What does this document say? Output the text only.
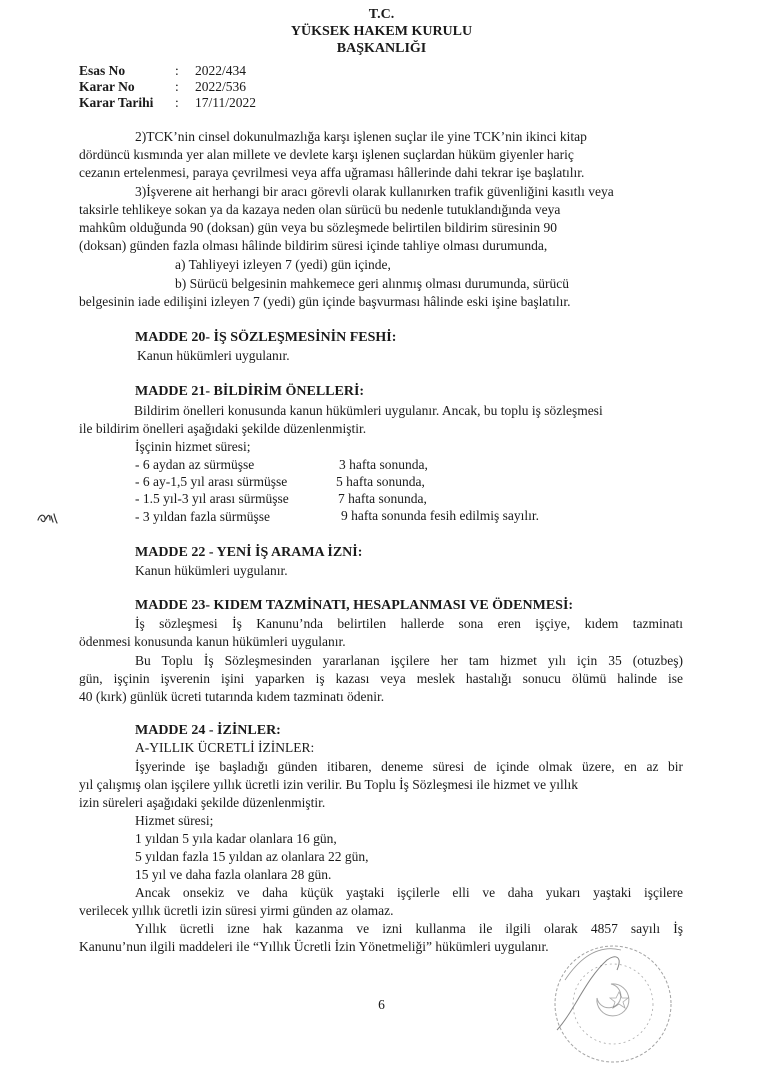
T.C.
YÜKSEK HAKEM KURULU
BAŞKANLIĞI
Esas No	:	2022/434
Karar No	:	2022/536
Karar Tarihi	:	17/11/2022
2)TCK’nin cinsel dokunulmazlığa karşı işlenen suçlar ile yine TCK’nin ikinci kitap
dördüncü kısmında yer alan millete ve devlete karşı işlenen suçlardan hüküm giyenler hariç
cezanın ertelenmesi, paraya çevrilmesi veya affa uğraması hâllerinde dahi tekrar işe başlatılır.
3)İşverene ait herhangi bir aracı görevli olarak kullanırken trafik güvenliğini kasıtlı veya
taksirle tehlikeye sokan ya da kazaya neden olan sürücü bu nedenle tutuklandığında veya
mahkûm olduğunda 90 (doksan) gün veya bu sözleşmede belirtilen bildirim süresinin 90
(doksan) günden fazla olması hâlinde bildirim süresi içinde tahliye olması durumunda,
a) Tahliyeyi izleyen 7 (yedi) gün içinde,
b) Sürücü belgesinin mahkemece geri alınmış olması durumunda, sürücü
belgesinin iade edilişini izleyen 7 (yedi) gün içinde başvurması hâlinde eski işine başlatılır.
MADDE 20- İŞ SÖZLEŞMESİNİN FESHİ:
Kanun hükümleri uygulanır.
MADDE 21- BİLDİRİM ÖNELLERİ:
Bildirim önelleri konusunda kanun hükümleri uygulanır. Ancak, bu toplu iş sözleşmesi
ile bildirim önelleri aşağıdaki şekilde düzenlenmiştir.
İşçinin hizmet süresi;
- 6 aydan az sürmüşse	3 hafta sonunda,
- 6 ay-1,5 yıl arası sürmüşse	5 hafta sonunda,
- 1.5 yıl-3 yıl arası sürmüşse	7 hafta sonunda,
- 3 yıldan fazla sürmüşse	9 hafta sonunda fesih edilmiş sayılır.
MADDE 22 - YENİ İŞ ARAMA İZNİ:
Kanun hükümleri uygulanır.
MADDE 23- KIDEM TAZMİNATI, HESAPLANMASI VE ÖDENMESİ:
İş sözleşmesi İş Kanunu’nda belirtilen hallerde sona eren işçiye, kıdem tazminatı
ödenmesi konusunda kanun hükümleri uygulanır.
Bu Toplu İş Sözleşmesinden yararlanan işçilere her tam hizmet yılı için 35 (otuzbeş)
gün, işçinin işverenin işini yaparken iş kazası veya meslek hastalığı sonucu ölümü halinde ise
40 (kırk) günlük ücreti tutarında kıdem tazminatı ödenir.
MADDE 24 - İZİNLER:
A-YILLIK ÜCRETLİ İZİNLER:
İşyerinde işe başladığı günden itibaren, deneme süresi de içinde olmak üzere, en az bir
yıl çalışmış olan işçilere yıllık ücretli izin verilir. Bu Toplu İş Sözleşmesi ile hizmet ve yıllık
izin süreleri aşağıdaki şekilde düzenlenmiştir.
Hizmet süresi;
1 yıldan 5 yıla kadar olanlara 16 gün,
5 yıldan fazla 15 yıldan az olanlara 22 gün,
15 yıl ve daha fazla olanlara 28 gün.
Ancak onsekiz ve daha küçük yaştaki işçilerle elli ve daha yukarı yaştaki işçilere
verilecek yıllık ücretli izin süresi yirmi günden az olamaz.
Yıllık ücretli izne hak kazanma ve izni kullanma ile ilgili olarak 4857 sayılı İş
Kanunu’nun ilgili maddeleri ile “Yıllık Ücretli İzin Yönetmeliği” hükümleri uygulanır.
6
